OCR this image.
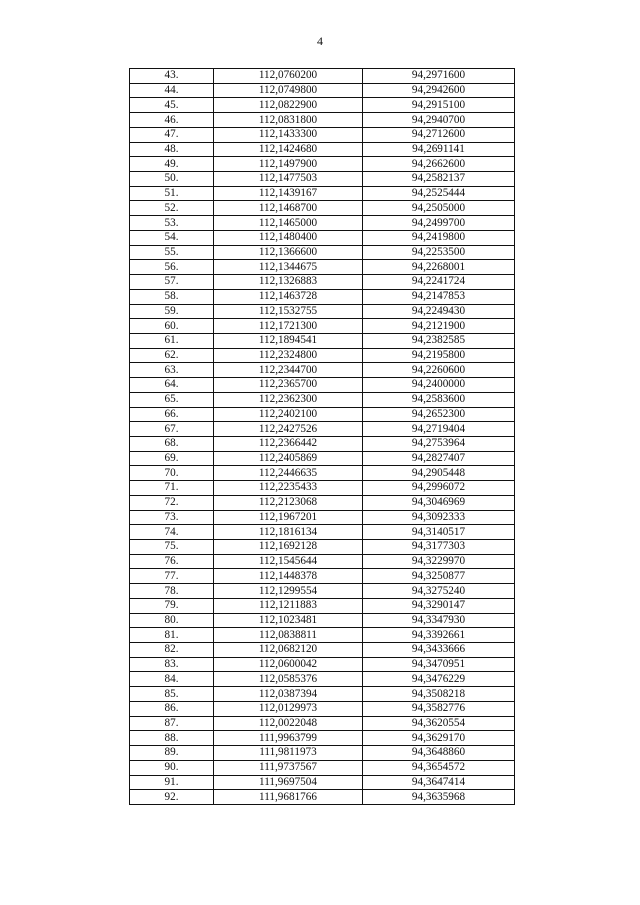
4
43.	112,0760200	94,2971600
44.	112,0749800	94,2942600
45.	112,0822900	94,2915100
46.	112,0831800	94,2940700
47.	112,1433300	94,2712600
48.	112,1424680	94,2691141
49.	112,1497900	94,2662600
50.	112,1477503	94,2582137
51.	112,1439167	94,2525444
52.	112,1468700	94,2505000
53.	112,1465000	94,2499700
54.	112,1480400	94,2419800
55.	112,1366600	94,2253500
56.	112,1344675	94,2268001
57.	112,1326883	94,2241724
58.	112,1463728	94,2147853
59.	112,1532755	94,2249430
60.	112,1721300	94,2121900
61.	112,1894541	94,2382585
62.	112,2324800	94,2195800
63.	112,2344700	94,2260600
64.	112,2365700	94,2400000
65.	112,2362300	94,2583600
66.	112,2402100	94,2652300
67.	112,2427526	94,2719404
68.	112,2366442	94,2753964
69.	112,2405869	94,2827407
70.	112,2446635	94,2905448
71.	112,2235433	94,2996072
72.	112,2123068	94,3046969
73.	112,1967201	94,3092333
74.	112,1816134	94,3140517
75.	112,1692128	94,3177303
76.	112,1545644	94,3229970
77.	112,1448378	94,3250877
78.	112,1299554	94,3275240
79.	112,1211883	94,3290147
80.	112,1023481	94,3347930
81.	112,0838811	94,3392661
82.	112,0682120	94,3433666
83.	112,0600042	94,3470951
84.	112,0585376	94,3476229
85.	112,0387394	94,3508218
86.	112,0129973	94,3582776
87.	112,0022048	94,3620554
88.	111,9963799	94,3629170
89.	111,9811973	94,3648860
90.	111,9737567	94,3654572
91.	111,9697504	94,3647414
92.	111,9681766	94,3635968
